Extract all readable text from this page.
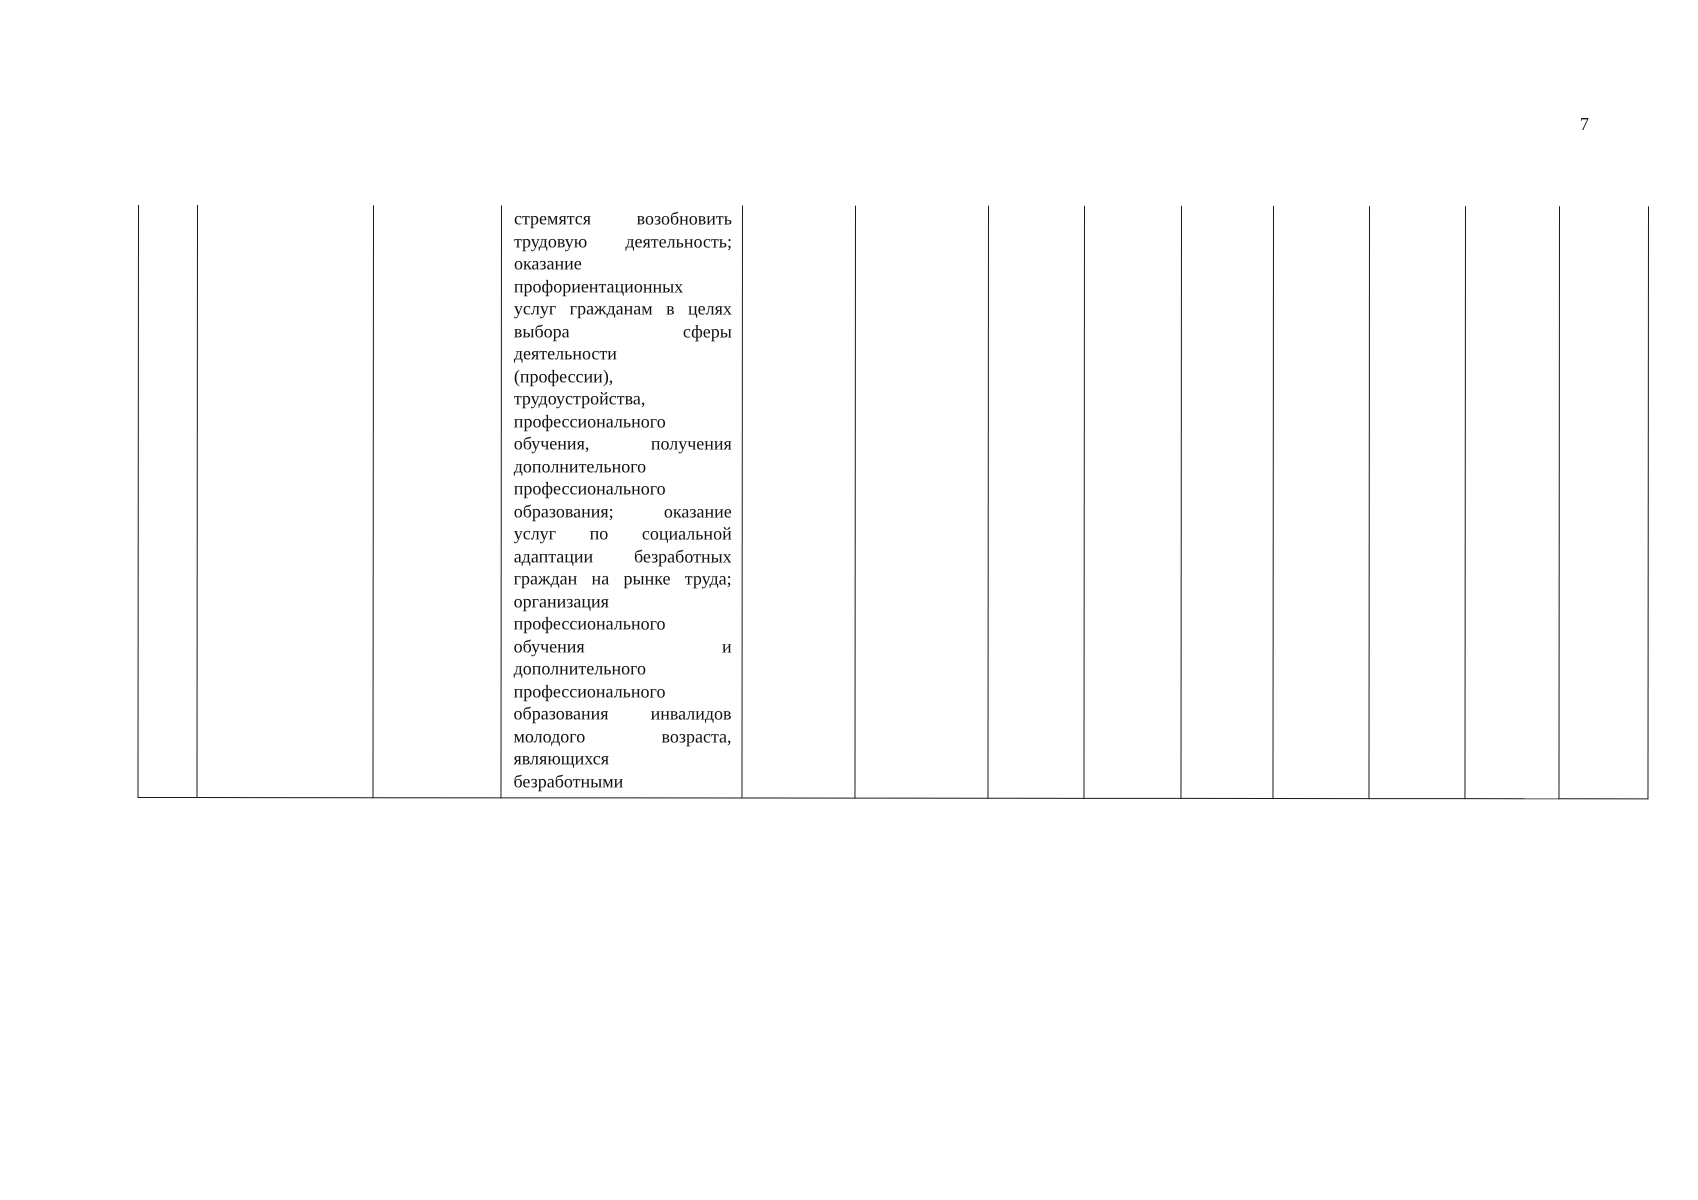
7

стремятся возобновить
трудовую деятельность;
оказание
профориентационных
услуг гражданам в целях
выбора сферы
деятельности
(профессии),
трудоустройства,
профессионального
обучения, получения
дополнительного
профессионального
образования; оказание
услуг по социальной
адаптации безработных
граждан на рынке труда;
организация
профессионального
обучения и
дополнительного
профессионального
образования инвалидов
молодого возраста,
являющихся
безработными
